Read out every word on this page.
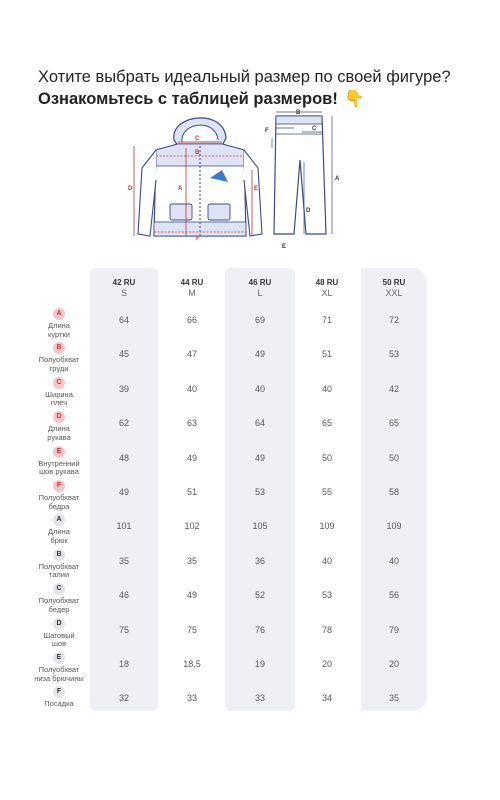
Хотите выбрать идеальный размер по своей фигуре?
Ознакомьтесь с таблицей размеров! 👇
C
B
D	A	E
F
F	C
B
A
D
E
42 RU
S
44 RU
M
46 RU
L
48 RU
XL
50 RU
XXL
A
Длина
куртки
64	66	69	71	72
B
Полуобхват
груди
45	47	49	51	53
C
Ширина
плеч
39	40	40	40	42
D
Длина
рукава
62	63	64	65	65
E
Внутренний
шов рукава
48	49	49	50	50
F
Полуобхват
бедра
49	51	53	55	58
A
Длина
брюк
101	102	105	109	109
B
Полуобхват
талии
35	35	36	40	40
C
Полуобхват
бедер
46	49	52	53	56
D
Шаговый
шов
75	75	76	78	79
E
Полуобхват
низа брючины
18	18,5	19	20	20
F
Посадка
32	33	33	34	35
